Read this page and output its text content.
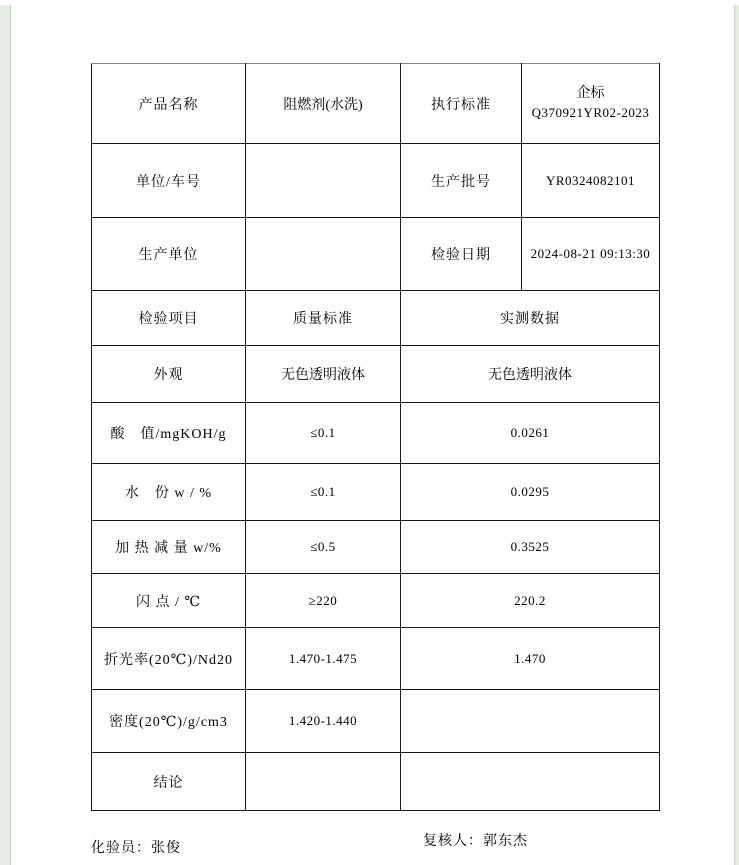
产品名称	阻燃剂(水洗)	执行标准	企标
Q370921YR02-2023

单位/车号		生产批号	YR0324082101
生产单位		检验日期	2024-08-21 09:13:30
检验项目	质量标准	实测数据	
外观	无色透明液体	无色透明液体	
酸　值/mgKOH/g	≤0.1	0.0261	
水　份 w / %	≤0.1	0.0295	
加 热 减 量 w/%	≤0.5	0.3525	
闪 点 / ℃	≥220	220.2	
折光率(20℃)/Nd20	1.470-1.475	1.470	
密度(20℃)/g/cm3	1.420-1.440		
结论			
化验员：张俊	复核人：郭东杰
